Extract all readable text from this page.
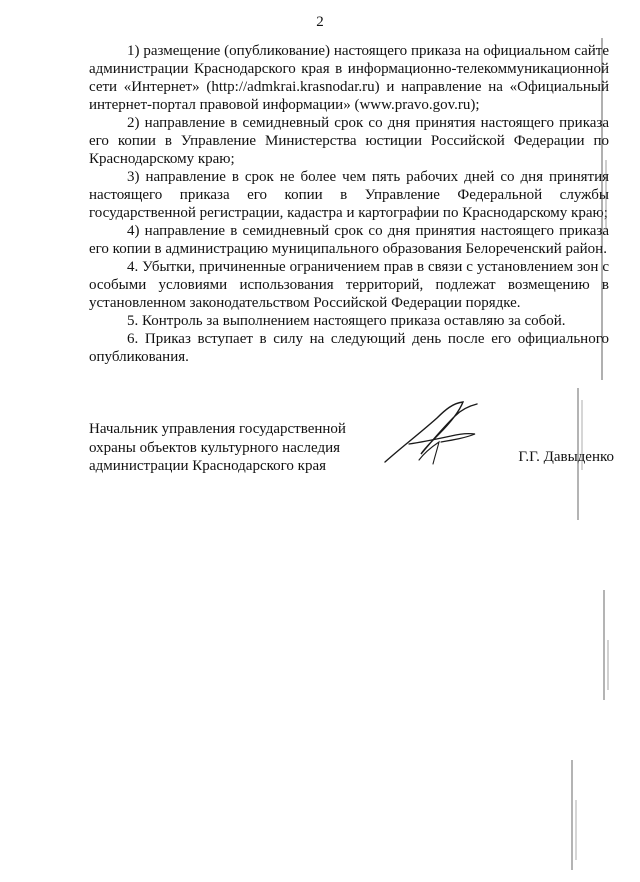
2

1) размещение (опубликование) настоящего приказа на официальном сайте администрации Краснодарского края в информационно-телекоммуникационной сети «Интернет» (http://admkrai.krasnodar.ru) и направление на «Официальный интернет-портал правовой информации» (www.pravo.gov.ru);

2) направление в семидневный срок со дня принятия настоящего приказа его копии в Управление Министерства юстиции Российской Федерации по Краснодарскому краю;

3) направление в срок не более чем пять рабочих дней со дня принятия настоящего приказа его копии в Управление Федеральной службы государственной регистрации, кадастра и картографии по Краснодарскому краю;

4) направление в семидневный срок со дня принятия настоящего приказа его копии в администрацию муниципального образования Белореченский район.

4. Убытки, причиненные ограничением прав в связи с установлением зон с особыми условиями использования территорий, подлежат возмещению в установленном законодательством Российской Федерации порядке.

5. Контроль за выполнением настоящего приказа оставляю за собой.

6. Приказ вступает в силу на следующий день после его официального опубликования.

Начальник управления государственной
охраны объектов культурного наследия
администрации Краснодарского края
Г.Г. Давыденко
